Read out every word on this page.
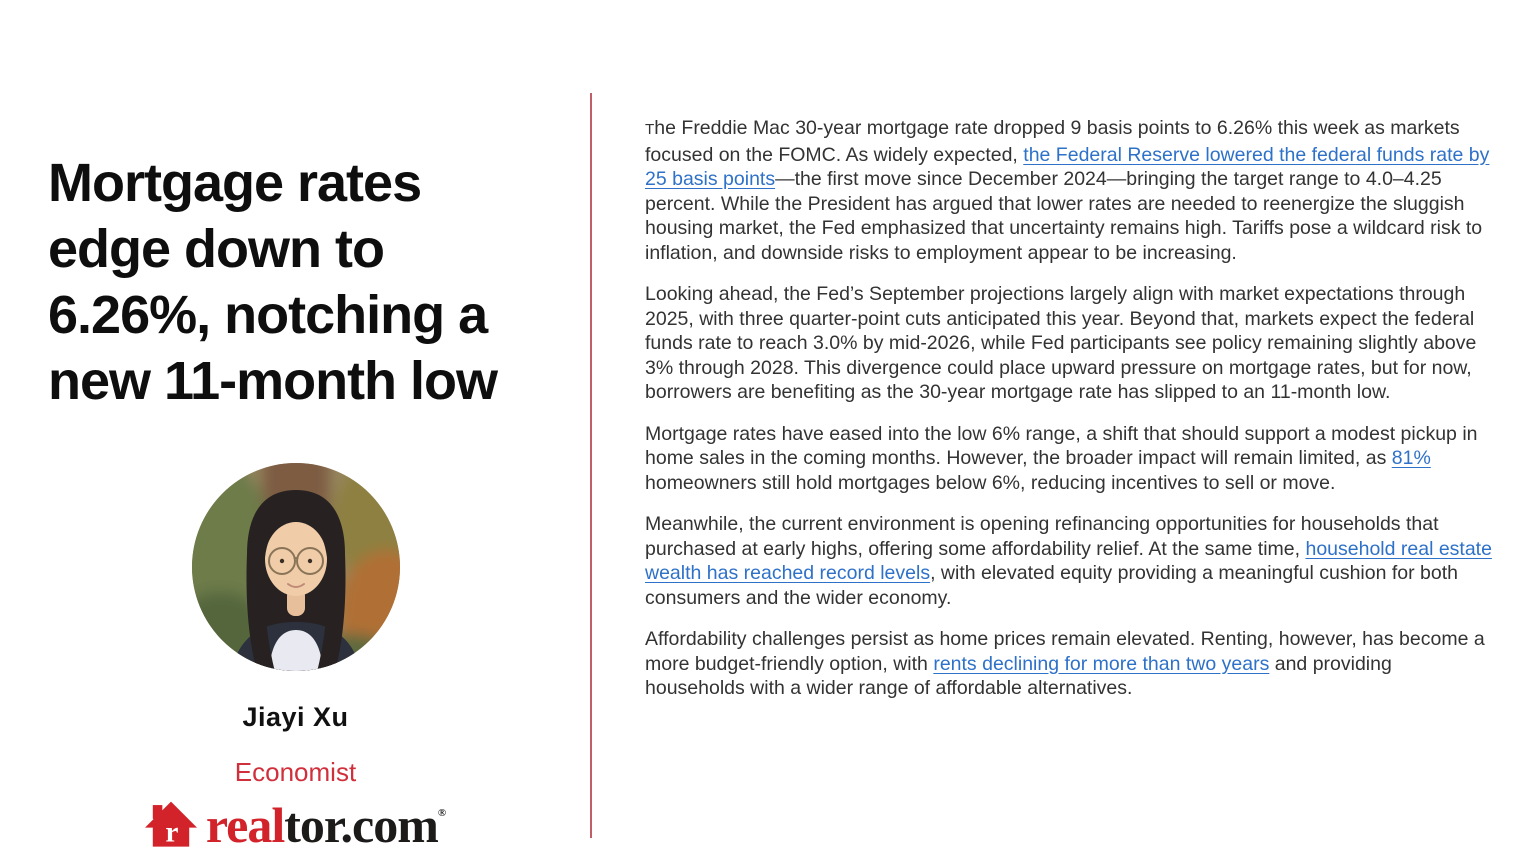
Mortgage rates
edge down to
6.26%, notching a
new 11-month low
Jiayi Xu
Economist
r realtor.com®

The Freddie Mac 30-year mortgage rate dropped 9 basis points to 6.26% this week as markets focused on the FOMC. As widely expected, the Federal Reserve lowered the federal funds rate by 25 basis points—the first move since December 2024—bringing the target range to 4.0–4.25 percent. While the President has argued that lower rates are needed to reenergize the sluggish housing market, the Fed emphasized that uncertainty remains high. Tariffs pose a wildcard risk to inflation, and downside risks to employment appear to be increasing.

Looking ahead, the Fed’s September projections largely align with market expectations through 2025, with three quarter-point cuts anticipated this year. Beyond that, markets expect the federal funds rate to reach 3.0% by mid-2026, while Fed participants see policy remaining slightly above 3% through 2028. This divergence could place upward pressure on mortgage rates, but for now, borrowers are benefiting as the 30-year mortgage rate has slipped to an 11-month low.

Mortgage rates have eased into the low 6% range, a shift that should support a modest pickup in home sales in the coming months. However, the broader impact will remain limited, as 81% homeowners still hold mortgages below 6%, reducing incentives to sell or move.

Meanwhile, the current environment is opening refinancing opportunities for households that purchased at early highs, offering some affordability relief. At the same time, household real estate wealth has reached record levels, with elevated equity providing a meaningful cushion for both consumers and the wider economy.

Affordability challenges persist as home prices remain elevated. Renting, however, has become a more budget-friendly option, with rents declining for more than two years and providing households with a wider range of affordable alternatives.
